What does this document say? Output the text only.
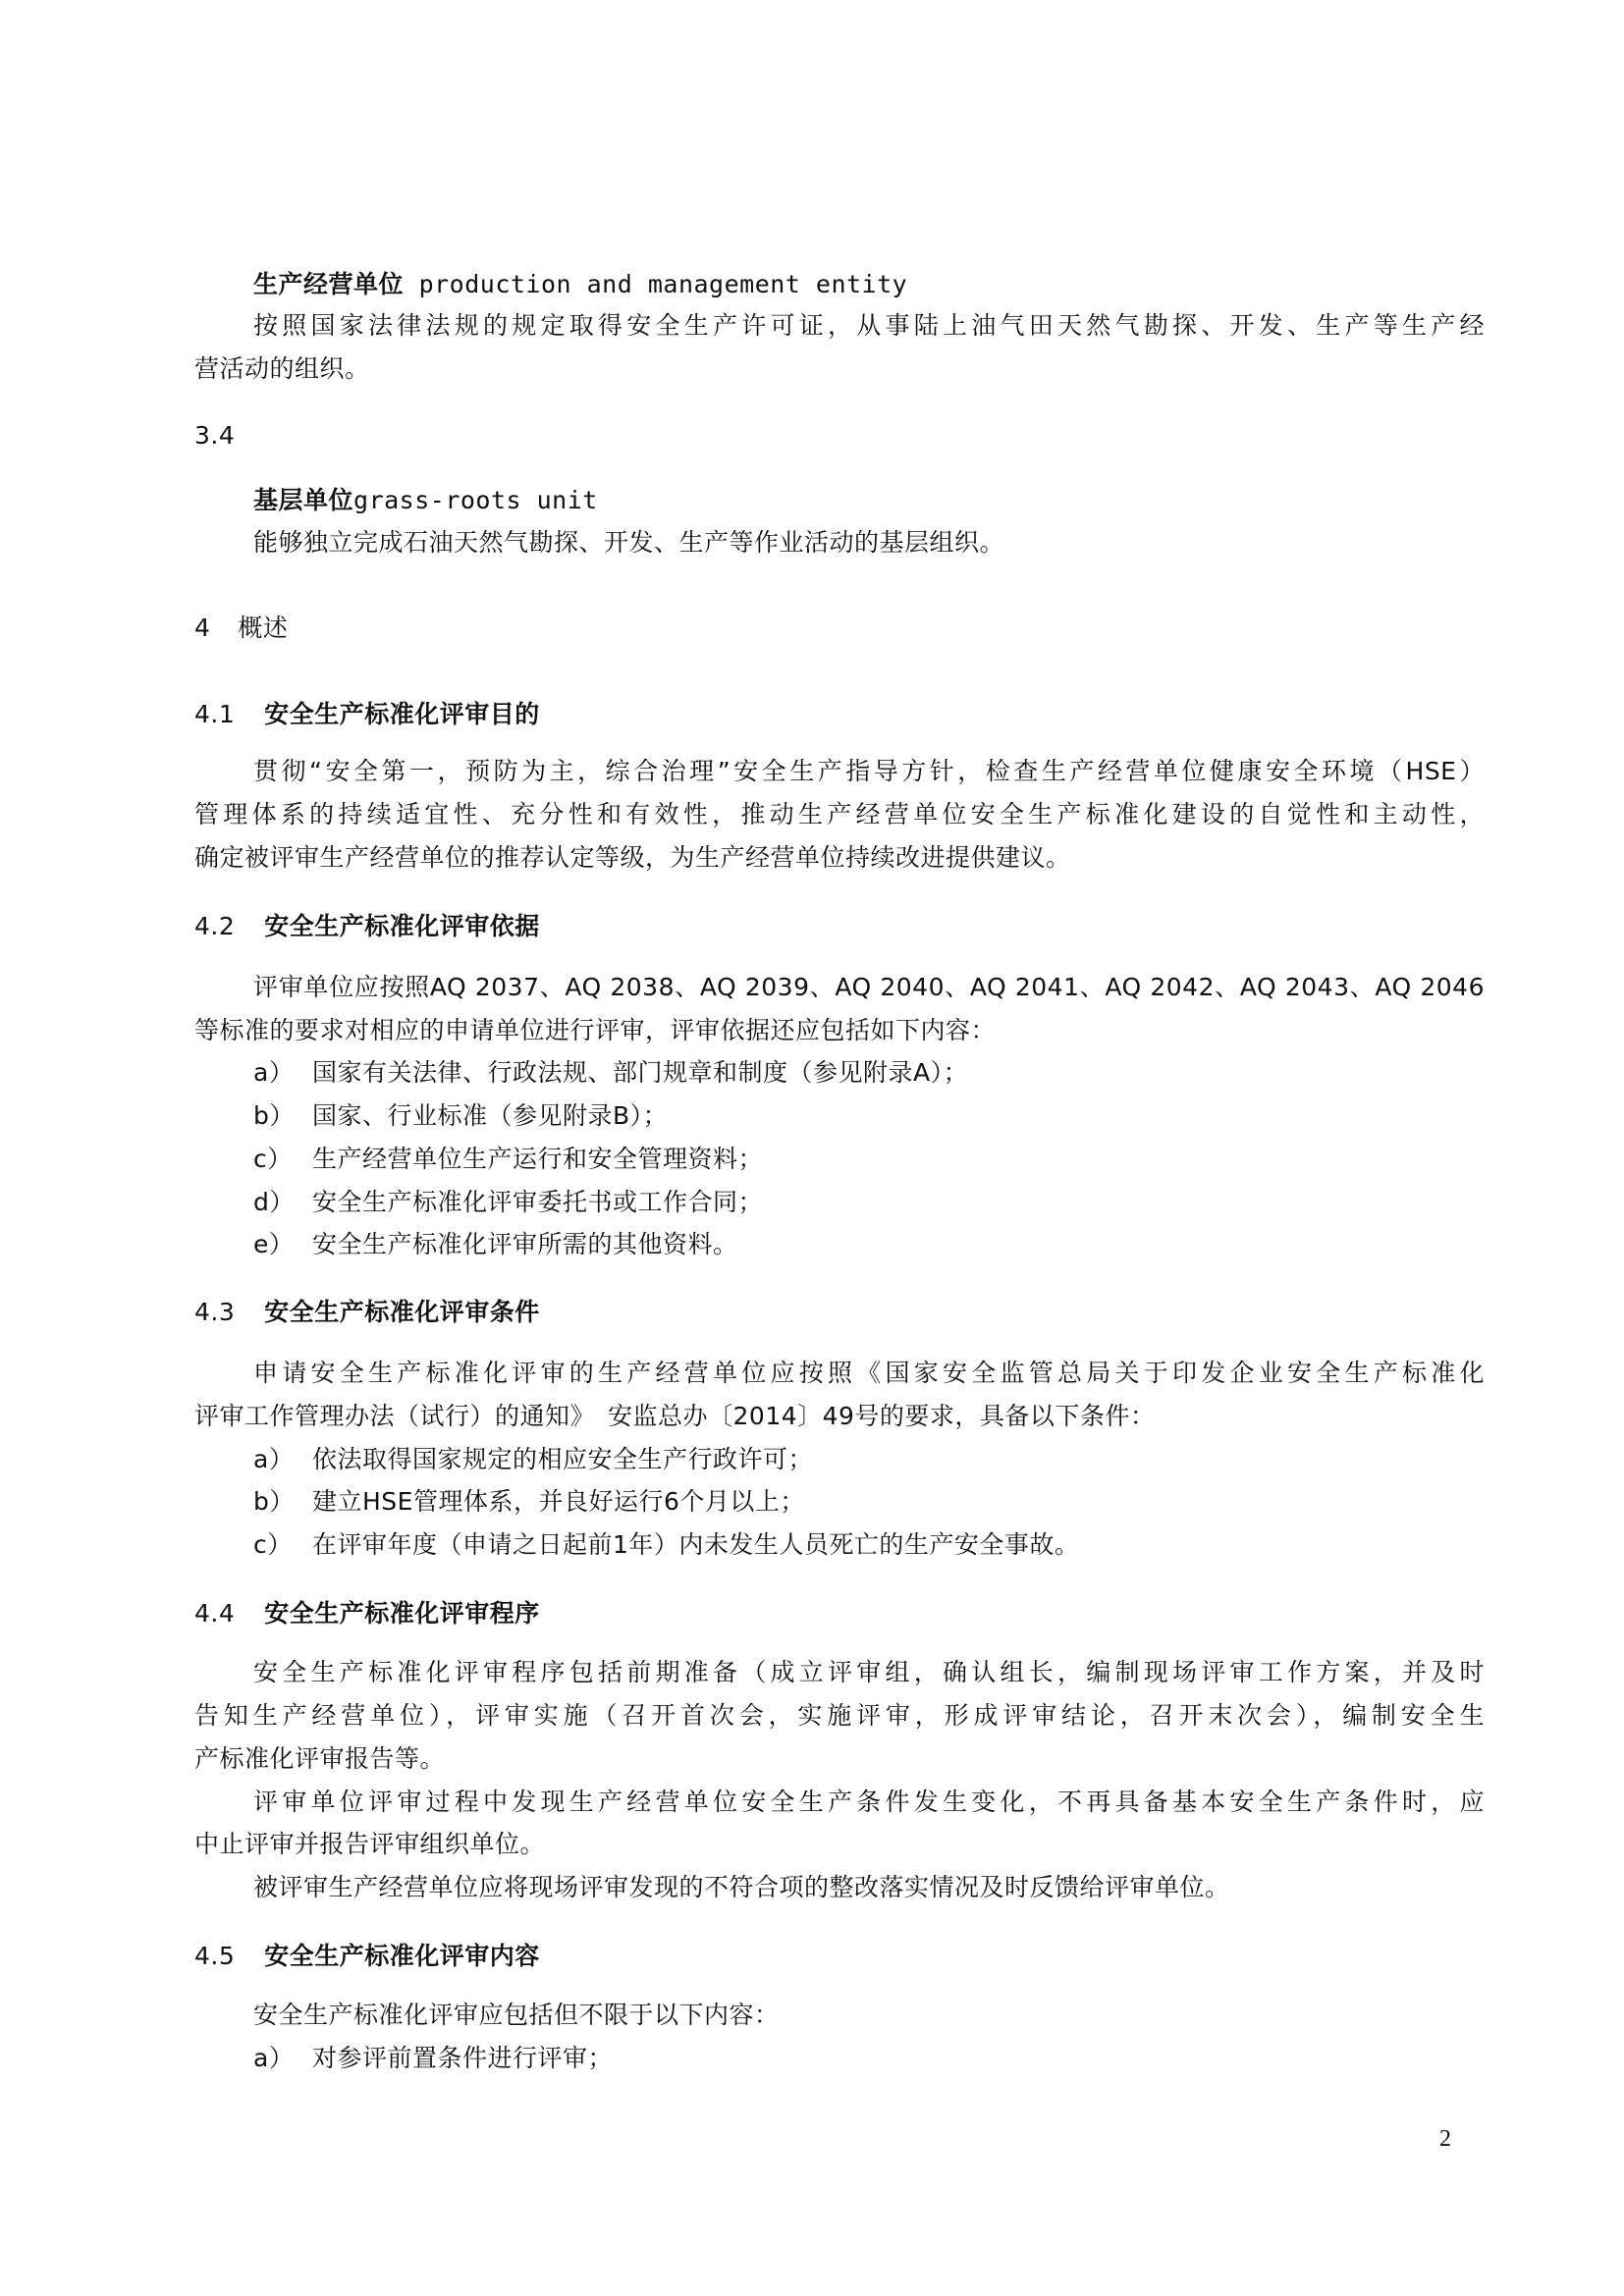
生产经营单位 production and management entity
按照国家法律法规的规定取得安全生产许可证，从事陆上油气田天然气勘探、开发、生产等生产经
营活动的组织。
3.4
基层单位grass-roots unit
能够独立完成石油天然气勘探、开发、生产等作业活动的基层组织。
4 概述
4.1 安全生产标准化评审目的
贯彻“安全第一，预防为主，综合治理”安全生产指导方针，检查生产经营单位健康安全环境（HSE）
管理体系的持续适宜性、充分性和有效性，推动生产经营单位安全生产标准化建设的自觉性和主动性，
确定被评审生产经营单位的推荐认定等级，为生产经营单位持续改进提供建议。
4.2 安全生产标准化评审依据
评审单位应按照AQ 2037、AQ 2038、AQ 2039、AQ 2040、AQ 2041、AQ 2042、AQ 2043、AQ 2046
等标准的要求对相应的申请单位进行评审，评审依据还应包括如下内容：
a） 国家有关法律、行政法规、部门规章和制度（参见附录A）；
b） 国家、行业标准（参见附录B）；
c） 生产经营单位生产运行和安全管理资料；
d） 安全生产标准化评审委托书或工作合同；
e） 安全生产标准化评审所需的其他资料。
4.3 安全生产标准化评审条件
申请安全生产标准化评审的生产经营单位应按照《国家安全监管总局关于印发企业安全生产标准化
评审工作管理办法（试行）的通知》　安监总办〔2014〕49号的要求，具备以下条件：
a） 依法取得国家规定的相应安全生产行政许可；
b） 建立HSE管理体系，并良好运行6个月以上；
c） 在评审年度（申请之日起前1年）内未发生人员死亡的生产安全事故。
4.4 安全生产标准化评审程序
安全生产标准化评审程序包括前期准备（成立评审组，确认组长，编制现场评审工作方案，并及时
告知生产经营单位），评审实施（召开首次会，实施评审，形成评审结论，召开末次会），编制安全生
产标准化评审报告等。
评审单位评审过程中发现生产经营单位安全生产条件发生变化，不再具备基本安全生产条件时，应
中止评审并报告评审组织单位。
被评审生产经营单位应将现场评审发现的不符合项的整改落实情况及时反馈给评审单位。
4.5 安全生产标准化评审内容
安全生产标准化评审应包括但不限于以下内容：
a） 对参评前置条件进行评审；
2
